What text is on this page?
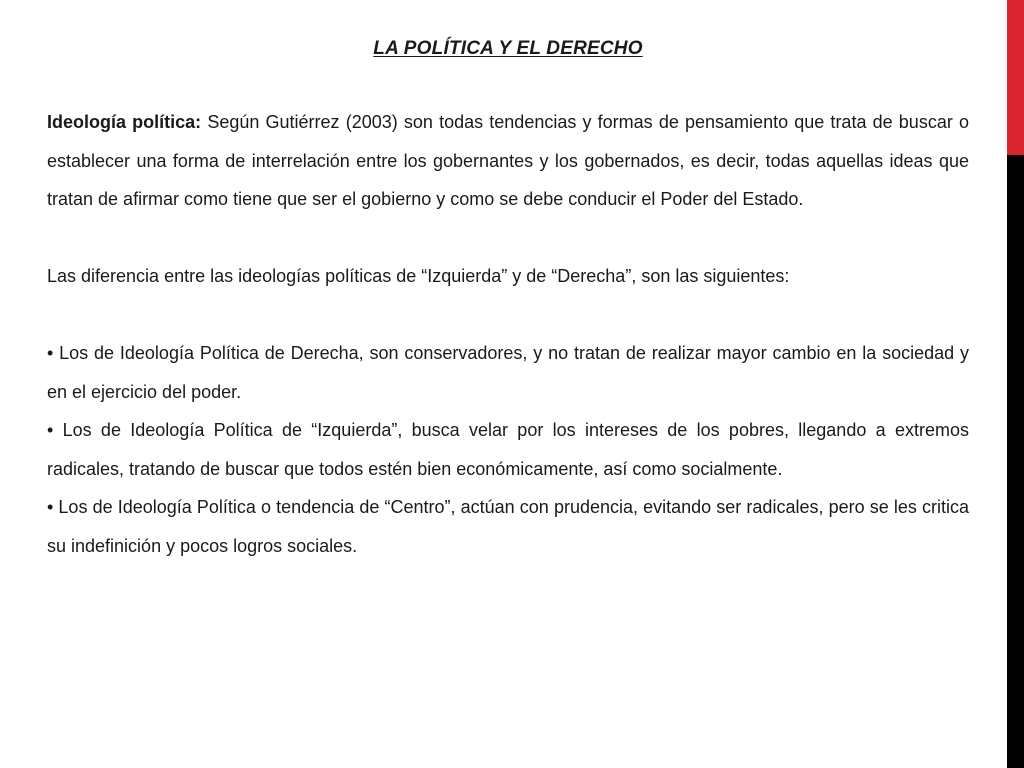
LA POLÍTICA Y EL DERECHO

Ideología política: Según Gutiérrez (2003) son todas tendencias y formas de pensamiento que trata de buscar o establecer una forma de interrelación entre los gobernantes y los gobernados, es decir, todas aquellas ideas que tratan de afirmar como tiene que ser el gobierno y como se debe conducir el Poder del Estado.

Las diferencia entre las ideologías políticas de “Izquierda” y de “Derecha”, son las siguientes:

• Los de Ideología Política de Derecha, son conservadores, y no tratan de realizar mayor cambio en la sociedad y en el ejercicio del poder.

• Los de Ideología Política de “Izquierda”, busca velar por los intereses de los pobres, llegando a extremos radicales, tratando de buscar que todos estén bien económicamente, así como socialmente.

• Los de Ideología Política o tendencia de “Centro”, actúan con prudencia, evitando ser radicales, pero se les critica su indefinición y pocos logros sociales.
